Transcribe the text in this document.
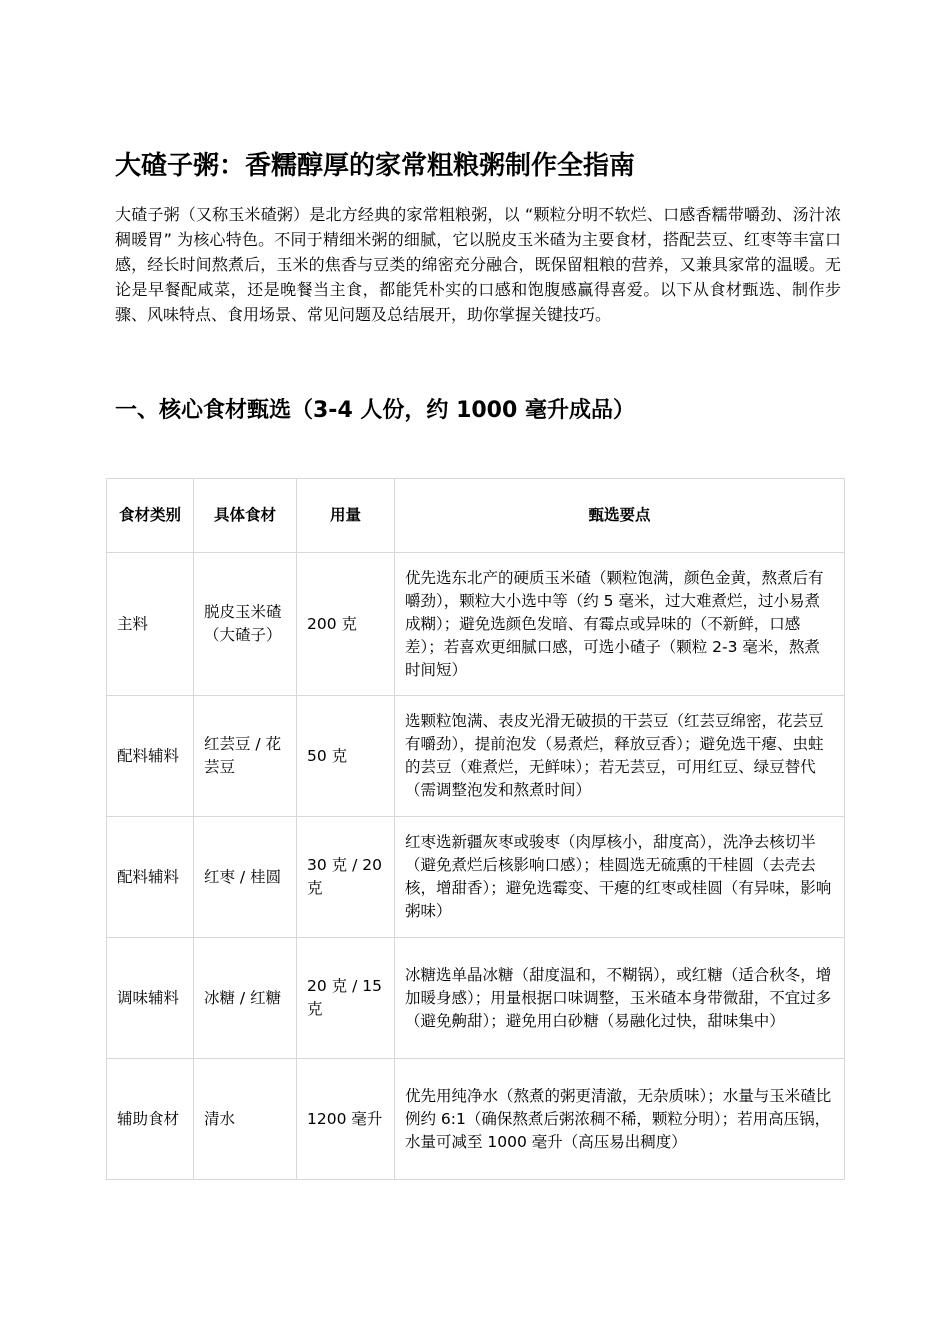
大碴子粥：香糯醇厚的家常粗粮粥制作全指南

大碴子粥（又称玉米碴粥）是北方经典的家常粗粮粥，以 “颗粒分明不软烂、口感香糯带嚼劲、汤汁浓稠暖胃” 为核心特色。不同于精细米粥的细腻，它以脱皮玉米碴为主要食材，搭配芸豆、红枣等丰富口感，经长时间熬煮后，玉米的焦香与豆类的绵密充分融合，既保留粗粮的营养，又兼具家常的温暖。无论是早餐配咸菜，还是晚餐当主食，都能凭朴实的口感和饱腹感赢得喜爱。以下从食材甄选、制作步骤、风味特点、食用场景、常见问题及总结展开，助你掌握关键技巧。

一、核心食材甄选（3-4 人份，约 1000 毫升成品）
食材类别	具体食材	用量	甄选要点
主料	脱皮玉米碴（大碴子）	200 克	优先选东北产的硬质玉米碴（颗粒饱满，颜色金黄，熬煮后有嚼劲），颗粒大小选中等（约 5 毫米，过大难煮烂，过小易煮成糊）；避免选颜色发暗、有霉点或异味的（不新鲜，口感差）；若喜欢更细腻口感，可选小碴子（颗粒 2-3 毫米，熬煮时间短）
配料辅料	红芸豆 / 花芸豆	50 克	选颗粒饱满、表皮光滑无破损的干芸豆（红芸豆绵密，花芸豆有嚼劲），提前泡发（易煮烂，释放豆香）；避免选干瘪、虫蛀的芸豆（难煮烂，无鲜味）；若无芸豆，可用红豆、绿豆替代（需调整泡发和熬煮时间）
配料辅料	红枣 / 桂圆	30 克 / 20 克	红枣选新疆灰枣或骏枣（肉厚核小，甜度高），洗净去核切半（避免煮烂后核影响口感）；桂圆选无硫熏的干桂圆（去壳去核，增甜香）；避免选霉变、干瘪的红枣或桂圆（有异味，影响粥味）
调味辅料	冰糖 / 红糖	20 克 / 15 克	冰糖选单晶冰糖（甜度温和，不糊锅），或红糖（适合秋冬，增加暖身感）；用量根据口味调整，玉米碴本身带微甜，不宜过多（避免齁甜）；避免用白砂糖（易融化过快，甜味集中）
辅助食材	清水	1200 毫升	优先用纯净水（熬煮的粥更清澈，无杂质味）；水量与玉米碴比例约 6:1（确保熬煮后粥浓稠不稀，颗粒分明）；若用高压锅，水量可减至 1000 毫升（高压易出稠度）
